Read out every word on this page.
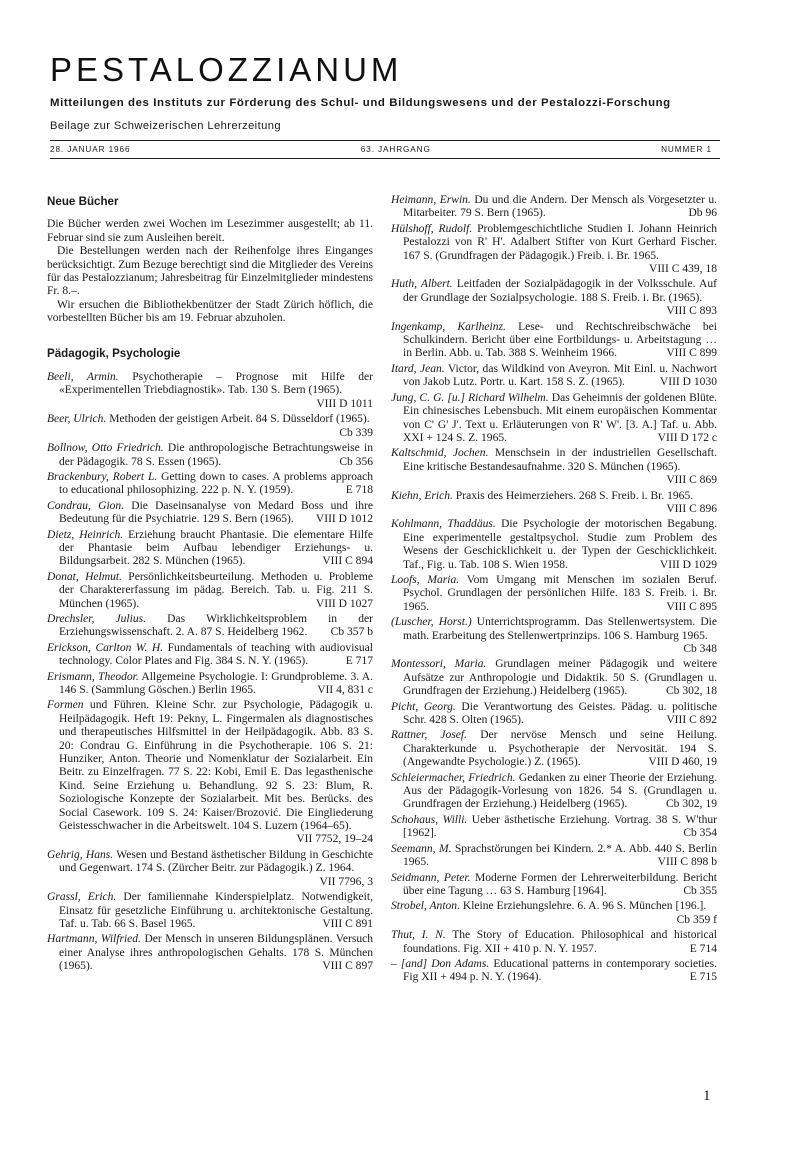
PESTALOZZIANUM
Mitteilungen des Instituts zur Förderung des Schul- und Bildungswesens und der Pestalozzi-Forschung
Beilage zur Schweizerischen Lehrerzeitung
28. JANUAR 1966	63. JAHRGANG	NUMMER 1
Neue Bücher
Die Bücher werden zwei Wochen im Lesezimmer ausgestellt; ab 11. Februar sind sie zum Ausleihen bereit.
Die Bestellungen werden nach der Reihenfolge ihres Einganges berücksichtigt. Zum Bezuge berechtigt sind die Mitglieder des Vereins für das Pestalozzianum; Jahresbeitrag für Einzelmitglieder mindestens Fr. 8.–.
Wir ersuchen die Bibliothekbenützer der Stadt Zürich höflich, die vorbestellten Bücher bis am 19. Februar abzuholen.
Pädagogik, Psychologie
Beeli, Armin. Psychotherapie – Prognose mit Hilfe der «Experimentellen Triebdiagnostik». Tab. 130 S. Bern (1965).
VIII D 1011
Beer, Ulrich. Methoden der geistigen Arbeit. 84 S. Düsseldorf (1965).
Cb 339
Bollnow, Otto Friedrich. Die anthropologische Betrachtungsweise in der Pädagogik. 78 S. Essen (1965).	Cb 356
Brackenbury, Robert L. Getting down to cases. A problems approach to educational philosophizing. 222 p. N. Y. (1959).	E 718
Condrau, Gion. Die Daseinsanalyse von Medard Boss und ihre Bedeutung für die Psychiatrie. 129 S. Bern (1965). VIII D 1012
Dietz, Heinrich. Erziehung braucht Phantasie. Die elementare Hilfe der Phantasie beim Aufbau lebendiger Erziehungs- u. Bildungsarbeit. 282 S. München (1965).	VIII C 894
Donat, Helmut. Persönlichkeitsbeurteilung. Methoden u. Probleme der Charaktererfassung im pädag. Bereich. Tab. u. Fig. 211 S. München (1965).	VIII D 1027
Drechsler, Julius. Das Wirklichkeitsproblem in der Erziehungswissenschaft. 2. A. 87 S. Heidelberg 1962. Cb 357 b
Erickson, Carlton W. H. Fundamentals of teaching with audiovisual technology. Color Plates and Fig. 384 S. N. Y. (1965).	E 717
Erismann, Theodor. Allgemeine Psychologie. I: Grundprobleme. 3. A. 146 S. (Sammlung Göschen.) Berlin 1965.	VII 4, 831 c
Formen und Führen. Kleine Schr. zur Psychologie, Pädagogik u. Heilpädagogik. Heft 19: Pekny, L. Fingermalen als diagnostisches und therapeutisches Hilfsmittel in der Heilpädagogik. Abb. 83 S. 20: Condrau G. Einführung in die Psychotherapie. 106 S. 21: Hunziker, Anton. Theorie und Nomenklatur der Sozialarbeit. Ein Beitr. zu Einzelfragen. 77 S. 22: Kobi, Emil E. Das legasthenische Kind. Seine Erziehung u. Behandlung. 92 S. 23: Blum, R. Soziologische Konzepte der Sozialarbeit. Mit bes. Berücks. des Social Casework. 109 S. 24: Kaiser/Brozović. Die Eingliederung Geistesschwacher in die Arbeitswelt. 104 S. Luzern (1964–65).
VII 7752, 19–24
Gehrig, Hans. Wesen und Bestand ästhetischer Bildung in Geschichte und Gegenwart. 174 S. (Zürcher Beitr. zur Pädagogik.) Z. 1964.
VII 7796, 3
Grassl, Erich. Der familiennahe Kinderspielplatz. Notwendigkeit, Einsatz für gesetzliche Einführung u. architektonische Gestaltung. Taf. u. Tab. 66 S. Basel 1965.	VIII C 891
Hartmann, Wilfried. Der Mensch in unseren Bildungsplänen. Versuch einer Analyse ihres anthropologischen Gehalts. 178 S. München (1965).	VIII C 897
Heimann, Erwin. Du und die Andern. Der Mensch als Vorgesetzter u. Mitarbeiter. 79 S. Bern (1965).	Db 96
Hülshoff, Rudolf. Problemgeschichtliche Studien I. Johann Heinrich Pestalozzi von R' H'. Adalbert Stifter von Kurt Gerhard Fischer. 167 S. (Grundfragen der Pädagogik.) Freib. i. Br. 1965.
VIII C 439, 18
Huth, Albert. Leitfaden der Sozialpädagogik in der Volksschule. Auf der Grundlage der Sozialpsychologie. 188 S. Freib. i. Br. (1965).
VIII C 893
Ingenkamp, Karlheinz. Lese- und Rechtschreibschwäche bei Schulkindern. Bericht über eine Fortbildungs- u. Arbeitstagung … in Berlin. Abb. u. Tab. 388 S. Weinheim 1966.	VIII C 899
Itard, Jean. Victor, das Wildkind von Aveyron. Mit Einl. u. Nachwort von Jakob Lutz. Portr. u. Kart. 158 S. Z. (1965).	VIII D 1030
Jung, C. G. [u.] Richard Wilhelm. Das Geheimnis der goldenen Blüte. Ein chinesisches Lebensbuch. Mit einem europäischen Kommentar von C' G' J'. Text u. Erläuterungen von R' W'. [3. A.] Taf. u. Abb. XXI + 124 S. Z. 1965.	VIII D 172 c
Kaltschmid, Jochen. Menschsein in der industriellen Gesellschaft. Eine kritische Bestandesaufnahme. 320 S. München (1965).
VIII C 869
Kiehn, Erich. Praxis des Heimerziehers. 268 S. Freib. i. Br. 1965.
VIII C 896
Kohlmann, Thaddäus. Die Psychologie der motorischen Begabung. Eine experimentelle gestaltpsychol. Studie zum Problem des Wesens der Geschicklichkeit u. der Typen der Geschicklichkeit. Taf., Fig. u. Tab. 108 S. Wien 1958.	VIII D 1029
Loofs, Maria. Vom Umgang mit Menschen im sozialen Beruf. Psychol. Grundlagen der persönlichen Hilfe. 183 S. Freib. i. Br. 1965.	VIII C 895
(Luscher, Horst.) Unterrichtsprogramm. Das Stellenwertsystem. Die math. Erarbeitung des Stellenwertprinzips. 106 S. Hamburg 1965.
Cb 348
Montessori, Maria. Grundlagen meiner Pädagogik und weitere Aufsätze zur Anthropologie und Didaktik. 50 S. (Grundlagen u. Grundfragen der Erziehung.) Heidelberg (1965).	Cb 302, 18
Picht, Georg. Die Verantwortung des Geistes. Pädag. u. politische Schr. 428 S. Olten (1965).	VIII C 892
Rattner, Josef. Der nervöse Mensch und seine Heilung. Charakterkunde u. Psychotherapie der Nervosität. 194 S. (Angewandte Psychologie.) Z. (1965).	VIII D 460, 19
Schleiermacher, Friedrich. Gedanken zu einer Theorie der Erziehung. Aus der Pädagogik-Vorlesung von 1826. 54 S. (Grundlagen u. Grundfragen der Erziehung.) Heidelberg (1965).	Cb 302, 19
Schohaus, Willi. Ueber ästhetische Erziehung. Vortrag. 38 S. W'thur [1962].	Cb 354
Seemann, M. Sprachstörungen bei Kindern. 2.* A. Abb. 440 S. Berlin 1965.	VIII C 898 b
Seidmann, Peter. Moderne Formen der Lehrerweiterbildung. Bericht über eine Tagung … 63 S. Hamburg [1964].	Cb 355
Strobel, Anton. Kleine Erziehungslehre. 6. A. 96 S. München [196.].
Cb 359 f
Thut, I. N. The Story of Education. Philosophical and historical foundations. Fig. XII + 410 p. N. Y. 1957.	E 714
– [and] Don Adams. Educational patterns in contemporary societies. Fig XII + 494 p. N. Y. (1964).	E 715
1
